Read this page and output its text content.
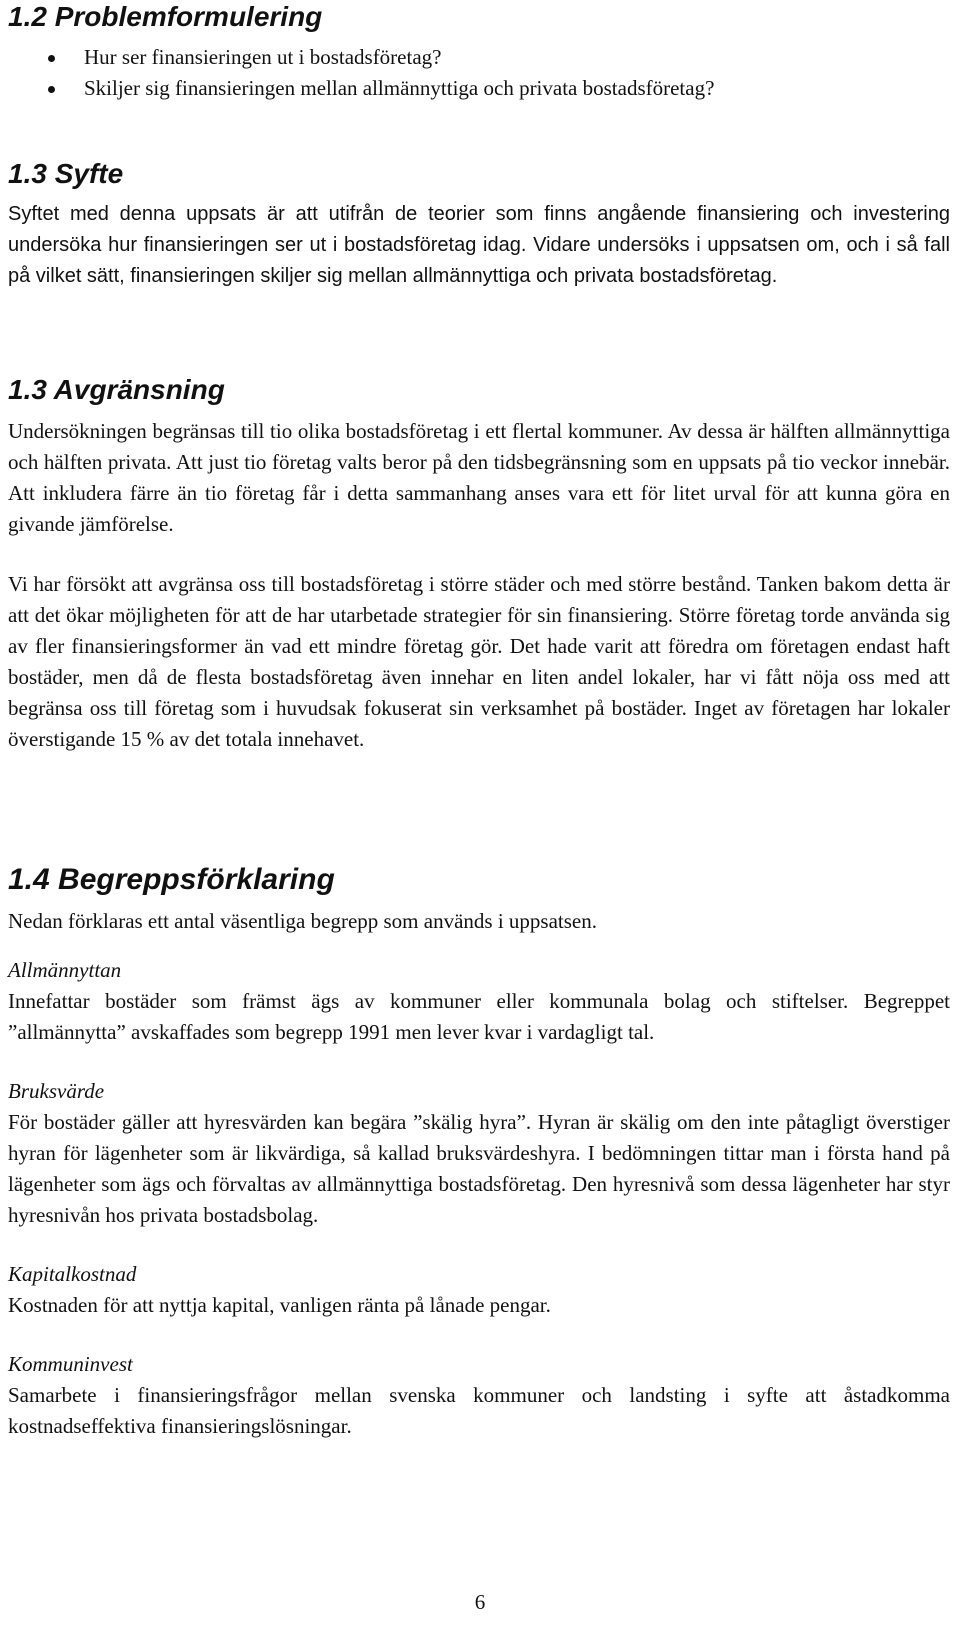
1.2 Problemformulering
Hur ser finansieringen ut i bostadsföretag?
Skiljer sig finansieringen mellan allmännyttiga och privata bostadsföretag?
1.3 Syfte

Syftet med denna uppsats är att utifrån de teorier som finns angående finansiering och investering undersöka hur finansieringen ser ut i bostadsföretag idag. Vidare undersöks i uppsatsen om, och i så fall på vilket sätt, finansieringen skiljer sig mellan allmännyttiga och privata bostadsföretag.

1.3 Avgränsning

Undersökningen begränsas till tio olika bostadsföretag i ett flertal kommuner. Av dessa är hälften allmännyttiga och hälften privata. Att just tio företag valts beror på den tidsbegränsning som en uppsats på tio veckor innebär. Att inkludera färre än tio företag får i detta sammanhang anses vara ett för litet urval för att kunna göra en givande jämförelse.

Vi har försökt att avgränsa oss till bostadsföretag i större städer och med större bestånd. Tanken bakom detta är att det ökar möjligheten för att de har utarbetade strategier för sin finansiering. Större företag torde använda sig av fler finansieringsformer än vad ett mindre företag gör. Det hade varit att föredra om företagen endast haft bostäder, men då de flesta bostadsföretag även innehar en liten andel lokaler, har vi fått nöja oss med att begränsa oss till företag som i huvudsak fokuserat sin verksamhet på bostäder. Inget av företagen har lokaler överstigande 15 % av det totala innehavet.

1.4 Begreppsförklaring

Nedan förklaras ett antal väsentliga begrepp som används i uppsatsen.

Allmännyttan

Innefattar bostäder som främst ägs av kommuner eller kommunala bolag och stiftelser. Begreppet ”allmännytta” avskaffades som begrepp 1991 men lever kvar i vardagligt tal.

Bruksvärde

För bostäder gäller att hyresvärden kan begära ”skälig hyra”. Hyran är skälig om den inte påtagligt överstiger hyran för lägenheter som är likvärdiga, så kallad bruksvärdeshyra. I bedömningen tittar man i första hand på lägenheter som ägs och förvaltas av allmännyttiga bostadsföretag. Den hyresnivå som dessa lägenheter har styr hyresnivån hos privata bostadsbolag.

Kapitalkostnad

Kostnaden för att nyttja kapital, vanligen ränta på lånade pengar.

Kommuninvest

Samarbete i finansieringsfrågor mellan svenska kommuner och landsting i syfte att åstadkomma kostnadseffektiva finansieringslösningar.

6
